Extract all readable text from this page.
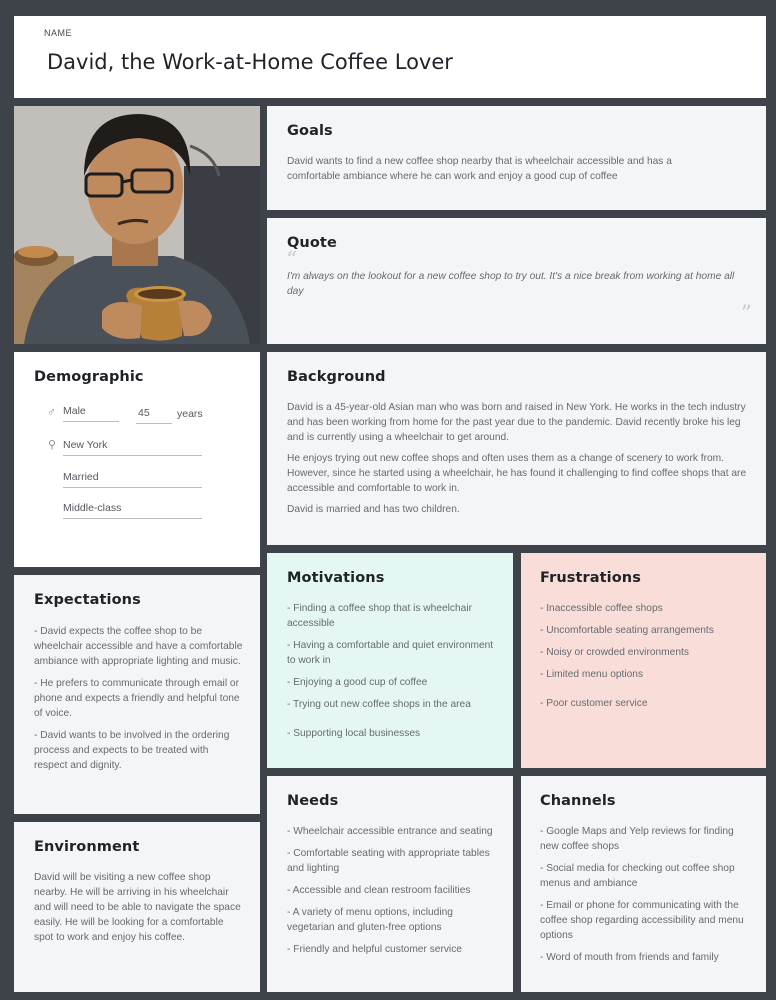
NAME
David, the Work-at-Home Coffee Lover
Goals
David wants to find a new coffee shop nearby that is wheelchair accessible and has a comfortable ambiance where he can work and enjoy a good cup of coffee
Quote
“
I'm always on the lookout for a new coffee shop to try out. It's a nice break from working at home all day
”
Demographic
♂ Male	45	years
⚲ New York
Married
Middle-class
Background

David is a 45-year-old Asian man who was born and raised in New York. He works in the tech industry and has been working from home for the past year due to the pandemic. David recently broke his leg and is currently using a wheelchair to get around.

He enjoys trying out new coffee shops and often uses them as a change of scenery to work from. However, since he started using a wheelchair, he has found it challenging to find coffee shops that are accessible and comfortable to work in.

David is married and has two children.

Expectations
- David expects the coffee shop to be wheelchair accessible and have a comfortable ambiance with appropriate lighting and music.
- He prefers to communicate through email or phone and expects a friendly and helpful tone of voice.
- David wants to be involved in the ordering process and expects to be treated with respect and dignity.
Motivations
- Finding a coffee shop that is wheelchair accessible
- Having a comfortable and quiet environment to work in
- Enjoying a good cup of coffee
- Trying out new coffee shops in the area
- Supporting local businesses
Frustrations
- Inaccessible coffee shops
- Uncomfortable seating arrangements
- Noisy or crowded environments
- Limited menu options
- Poor customer service
Environment
David will be visiting a new coffee shop nearby. He will be arriving in his wheelchair and will need to be able to navigate the space easily. He will be looking for a comfortable spot to work and enjoy his coffee.
Needs
- Wheelchair accessible entrance and seating
- Comfortable seating with appropriate tables and lighting
- Accessible and clean restroom facilities
- A variety of menu options, including vegetarian and gluten-free options
- Friendly and helpful customer service
Channels
- Google Maps and Yelp reviews for finding new coffee shops
- Social media for checking out coffee shop menus and ambiance
- Email or phone for communicating with the coffee shop regarding accessibility and menu options
- Word of mouth from friends and family
